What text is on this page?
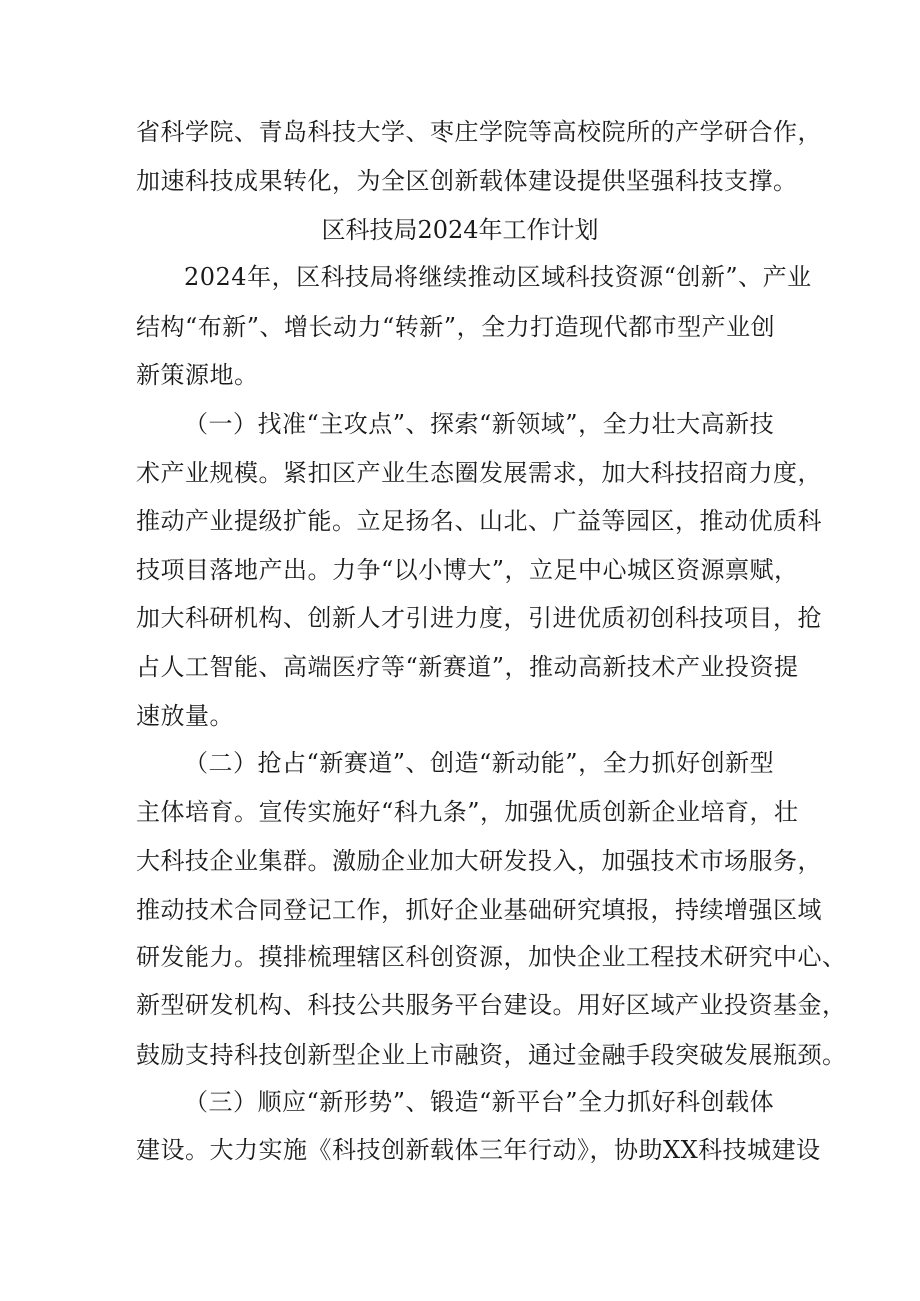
省科学院、青岛科技大学、枣庄学院等高校院所的产学研合作，
加速科技成果转化，为全区创新载体建设提供坚强科技支撑。
区科技局2024年工作计划
2024年，区科技局将继续推动区域科技资源“创新”、产业
结构“布新”、增长动力“转新”，全力打造现代都市型产业创
新策源地。
（一）找准“主攻点”、探索“新领域”，全力壮大高新技
术产业规模。紧扣区产业生态圈发展需求，加大科技招商力度，
推动产业提级扩能。立足扬名、山北、广益等园区，推动优质科
技项目落地产出。力争“以小博大”，立足中心城区资源禀赋，
加大科研机构、创新人才引进力度，引进优质初创科技项目，抢
占人工智能、高端医疗等“新赛道”，推动高新技术产业投资提
速放量。
（二）抢占“新赛道”、创造“新动能”，全力抓好创新型
主体培育。宣传实施好“科九条”，加强优质创新企业培育，壮
大科技企业集群。激励企业加大研发投入，加强技术市场服务，
推动技术合同登记工作，抓好企业基础研究填报，持续增强区域
研发能力。摸排梳理辖区科创资源，加快企业工程技术研究中心、
新型研发机构、科技公共服务平台建设。用好区域产业投资基金，
鼓励支持科技创新型企业上市融资，通过金融手段突破发展瓶颈。
（三）顺应“新形势”、锻造“新平台”全力抓好科创载体
建设。大力实施《科技创新载体三年行动》，协助XX科技城建设
